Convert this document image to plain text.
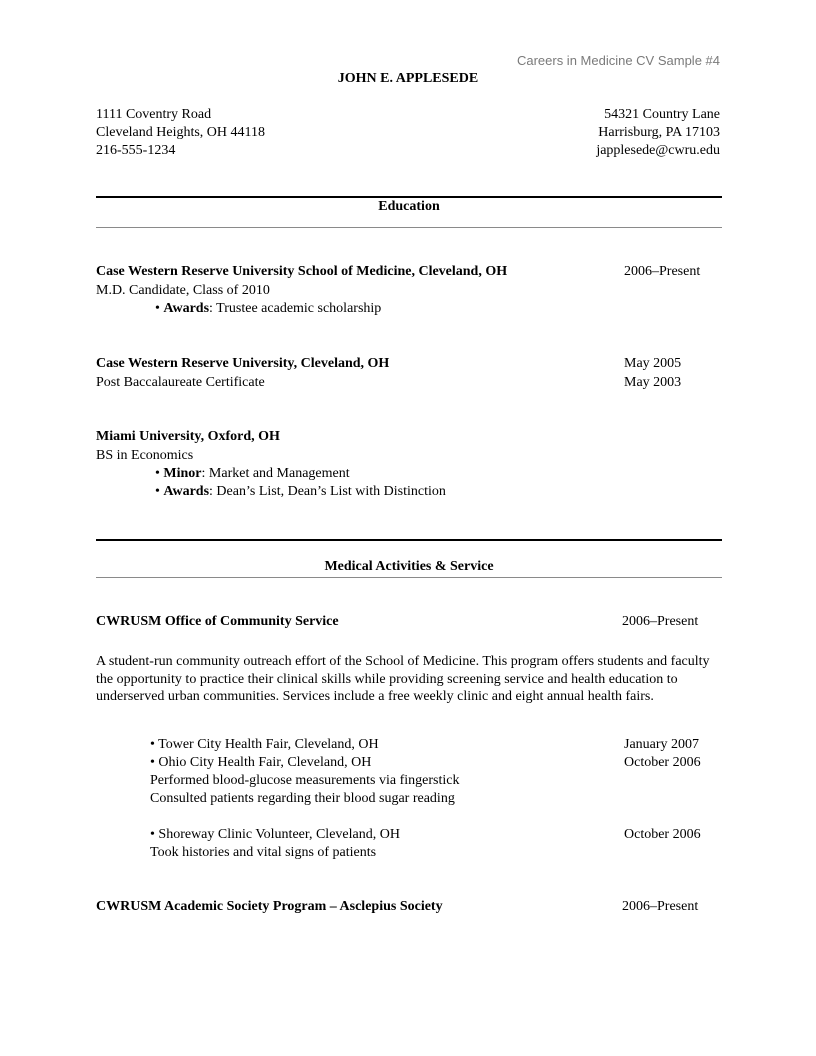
Careers in Medicine CV Sample #4
JOHN E. APPLESEDE
1111 Coventry Road
Cleveland Heights, OH 44118
216-555-1234
54321 Country Lane
Harrisburg, PA 17103
japplesede@cwru.edu
Education
Case Western Reserve University School of Medicine, Cleveland, OH	2006–Present
M.D. Candidate, Class of 2010
• Awards: Trustee academic scholarship
Case Western Reserve University, Cleveland, OH	May 2005
Post Baccalaureate Certificate	May 2003
Miami University, Oxford, OH
BS in Economics
• Minor: Market and Management
• Awards: Dean’s List, Dean’s List with Distinction
Medical Activities & Service
CWRUSM Office of Community Service	2006–Present
A student-run community outreach effort of the School of Medicine. This program offers students and faculty the opportunity to practice their clinical skills while providing screening service and health education to underserved urban communities. Services include a free weekly clinic and eight annual health fairs.
• Tower City Health Fair, Cleveland, OH	January 2007
• Ohio City Health Fair, Cleveland, OH	October 2006
Performed blood-glucose measurements via fingerstick
Consulted patients regarding their blood sugar reading
• Shoreway Clinic Volunteer, Cleveland, OH	October 2006
Took histories and vital signs of patients
CWRUSM Academic Society Program – Asclepius Society	2006–Present
